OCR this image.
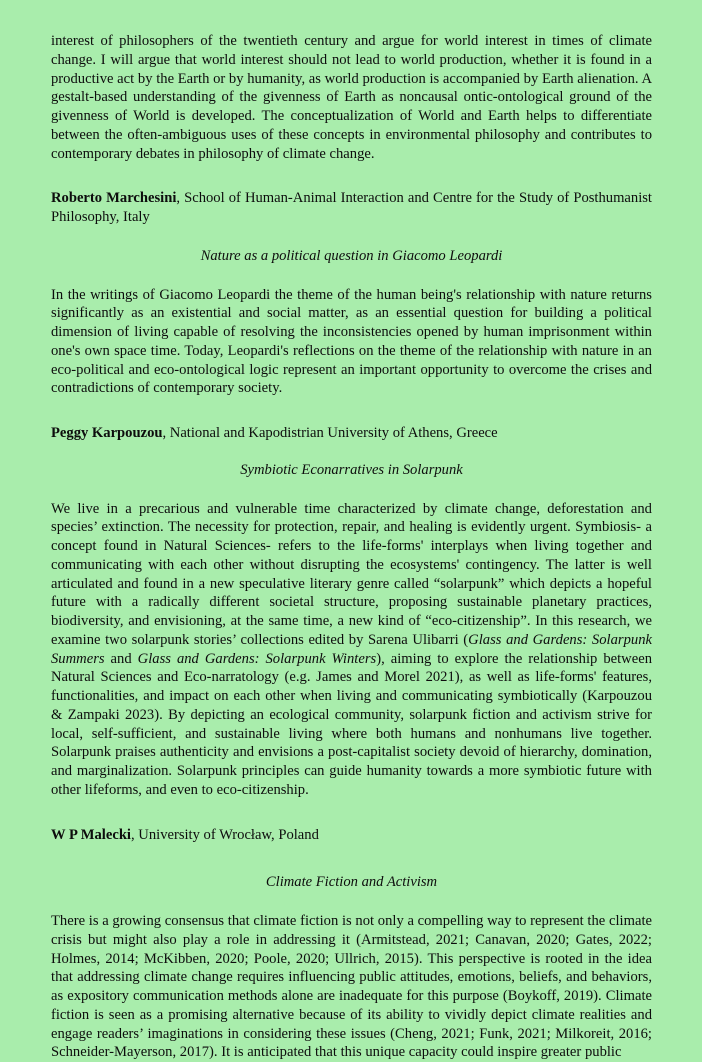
interest of philosophers of the twentieth century and argue for world interest in times of climate change. I will argue that world interest should not lead to world production, whether it is found in a productive act by the Earth or by humanity, as world production is accompanied by Earth alienation. A gestalt-based understanding of the givenness of Earth as noncausal ontic-ontological ground of the givenness of World is developed. The conceptualization of World and Earth helps to differentiate between the often-ambiguous uses of these concepts in environmental philosophy and contributes to contemporary debates in philosophy of climate change.

Roberto Marchesini, School of Human-Animal Interaction and Centre for the Study of Posthumanist Philosophy, Italy

Nature as a political question in Giacomo Leopardi

In the writings of Giacomo Leopardi the theme of the human being's relationship with nature returns significantly as an existential and social matter, as an essential question for building a political dimension of living capable of resolving the inconsistencies opened by human imprisonment within one's own space time. Today, Leopardi's reflections on the theme of the relationship with nature in an eco-political and eco-ontological logic represent an important opportunity to overcome the crises and contradictions of contemporary society.

Peggy Karpouzou, National and Kapodistrian University of Athens, Greece

Symbiotic Econarratives in Solarpunk

We live in a precarious and vulnerable time characterized by climate change, deforestation and species’ extinction. The necessity for protection, repair, and healing is evidently urgent. Symbiosis- a concept found in Natural Sciences- refers to the life-forms' interplays when living together and communicating with each other without disrupting the ecosystems' contingency. The latter is well articulated and found in a new speculative literary genre called “solarpunk” which depicts a hopeful future with a radically different societal structure, proposing sustainable planetary practices, biodiversity, and envisioning, at the same time, a new kind of “eco-citizenship”. In this research, we examine two solarpunk stories’ collections edited by Sarena Ulibarri (Glass and Gardens: Solarpunk Summers and Glass and Gardens: Solarpunk Winters), aiming to explore the relationship between Natural Sciences and Eco-narratology (e.g. James and Morel 2021), as well as life-forms' features, functionalities, and impact on each other when living and communicating symbiotically (Karpouzou & Zampaki 2023). By depicting an ecological community, solarpunk fiction and activism strive for local, self-sufficient, and sustainable living where both humans and nonhumans live together. Solarpunk praises authenticity and envisions a post-capitalist society devoid of hierarchy, domination, and marginalization. Solarpunk principles can guide humanity towards a more symbiotic future with other lifeforms, and even to eco-citizenship.

W P Malecki, University of Wrocław, Poland

Climate Fiction and Activism

There is a growing consensus that climate fiction is not only a compelling way to represent the climate crisis but might also play a role in addressing it (Armitstead, 2021; Canavan, 2020; Gates, 2022; Holmes, 2014; McKibben, 2020; Poole, 2020; Ullrich, 2015). This perspective is rooted in the idea that addressing climate change requires influencing public attitudes, emotions, beliefs, and behaviors, as expository communication methods alone are inadequate for this purpose (Boykoff, 2019). Climate fiction is seen as a promising alternative because of its ability to vividly depict climate realities and engage readers’ imaginations in considering these issues (Cheng, 2021; Funk, 2021; Milkoreit, 2016; Schneider-Mayerson, 2017). It is anticipated that this unique capacity could inspire greater public
